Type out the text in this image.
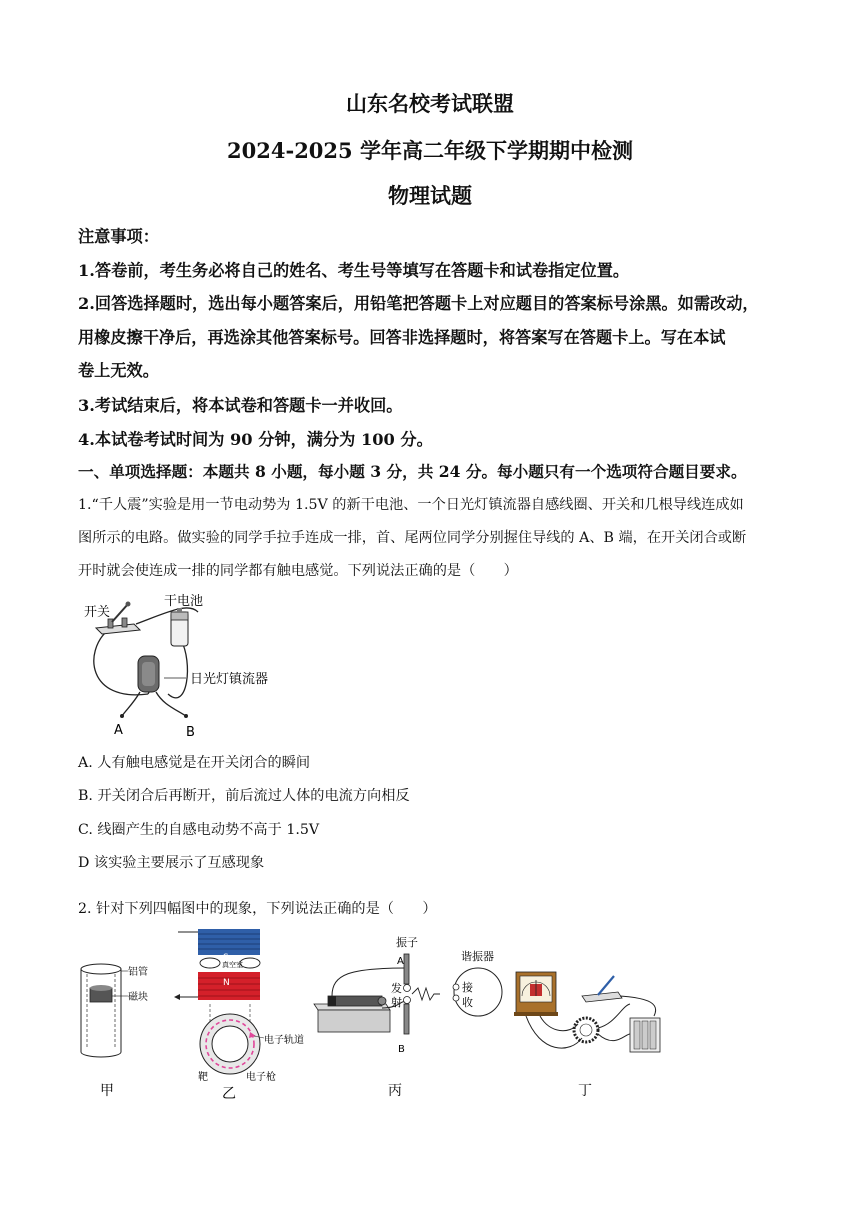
山东名校考试联盟
2024-2025 学年高二年级下学期期中检测
物理试题
注意事项：
1.答卷前，考生务必将自己的姓名、考生号等填写在答题卡和试卷指定位置。
2.回答选择题时，选出每小题答案后，用铅笔把答题卡上对应题目的答案标号涂黑。如需改动，
用橡皮擦干净后，再选涂其他答案标号。回答非选择题时，将答案写在答题卡上。写在本试
卷上无效。
3.考试结束后，将本试卷和答题卡一并收回。
4.本试卷考试时间为 90 分钟，满分为 100 分。
一、单项选择题：本题共 8 小题，每小题 3 分，共 24 分。每小题只有一个选项符合题目要求。
1.“千人震”实验是用一节电动势为 1.5V 的新干电池、一个日光灯镇流器自感线圈、开关和几根导线连成如
图所示的电路。做实验的同学手拉手连成一排，首、尾两位同学分别握住导线的 A、B 端，在开关闭合或断
开时就会使连成一排的同学都有触电感觉。下列说法正确的是（　　）
开关
干电池
日光灯镇流器
A	B
A. 人有触电感觉是在开关闭合的瞬间
B. 开关闭合后再断开，前后流过人体的电流方向相反
C. 线圈产生的自感电动势不高于 1.5V
D 该实验主要展示了互感现象
2. 针对下列四幅图中的现象，下列说法正确的是（　　）
铝管
磁块
甲
S
真空室
N
电子轨道
电子枪
靶
乙
振子
A
B
发
射
谐振器
接
收
丙	丁
